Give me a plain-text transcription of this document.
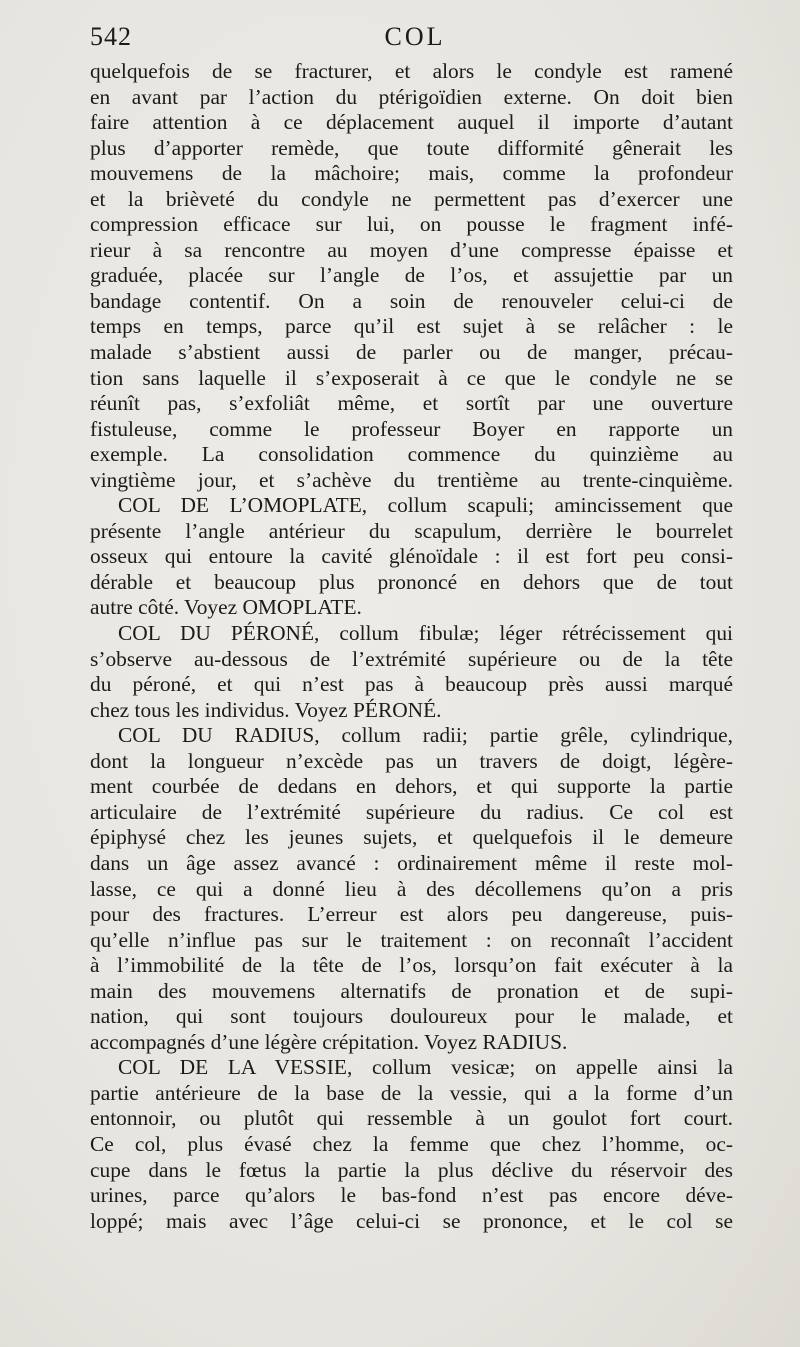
542	COL
quelquefois de se fracturer, et alors le condyle est ramené
en avant par l’action du ptérigoïdien externe. On doit bien
faire attention à ce déplacement auquel il importe d’autant
plus d’apporter remède, que toute difformité gênerait les
mouvemens de la mâchoire; mais, comme la profondeur
et la brièveté du condyle ne permettent pas d’exercer une
compression efficace sur lui, on pousse le fragment infé-
rieur à sa rencontre au moyen d’une compresse épaisse et
graduée, placée sur l’angle de l’os, et assujettie par un
bandage contentif. On a soin de renouveler celui-ci de
temps en temps, parce qu’il est sujet à se relâcher : le
malade s’abstient aussi de parler ou de manger, précau-
tion sans laquelle il s’exposerait à ce que le condyle ne se
réunît pas, s’exfoliât même, et sortît par une ouverture
fistuleuse, comme le professeur Boyer en rapporte un
exemple. La consolidation commence du quinzième au
vingtième jour, et s’achève du trentième au trente-cinquième.
COL DE L’OMOPLATE, collum scapuli; amincissement que
présente l’angle antérieur du scapulum, derrière le bourrelet
osseux qui entoure la cavité glénoïdale : il est fort peu consi-
dérable et beaucoup plus prononcé en dehors que de tout
autre côté. Voyez OMOPLATE.
COL DU PÉRONÉ, collum fibulæ; léger rétrécissement qui
s’observe au-dessous de l’extrémité supérieure ou de la tête
du péroné, et qui n’est pas à beaucoup près aussi marqué
chez tous les individus. Voyez PÉRONÉ.
COL DU RADIUS, collum radii; partie grêle, cylindrique,
dont la longueur n’excède pas un travers de doigt, légère-
ment courbée de dedans en dehors, et qui supporte la partie
articulaire de l’extrémité supérieure du radius. Ce col est
épiphysé chez les jeunes sujets, et quelquefois il le demeure
dans un âge assez avancé : ordinairement même il reste mol-
lasse, ce qui a donné lieu à des décollemens qu’on a pris
pour des fractures. L’erreur est alors peu dangereuse, puis-
qu’elle n’influe pas sur le traitement : on reconnaît l’accident
à l’immobilité de la tête de l’os, lorsqu’on fait exécuter à la
main des mouvemens alternatifs de pronation et de supi-
nation, qui sont toujours douloureux pour le malade, et
accompagnés d’une légère crépitation. Voyez RADIUS.
COL DE LA VESSIE, collum vesicæ; on appelle ainsi la
partie antérieure de la base de la vessie, qui a la forme d’un
entonnoir, ou plutôt qui ressemble à un goulot fort court.
Ce col, plus évasé chez la femme que chez l’homme, oc-
cupe dans le fœtus la partie la plus déclive du réservoir des
urines, parce qu’alors le bas-fond n’est pas encore déve-
loppé; mais avec l’âge celui-ci se prononce, et le col se
